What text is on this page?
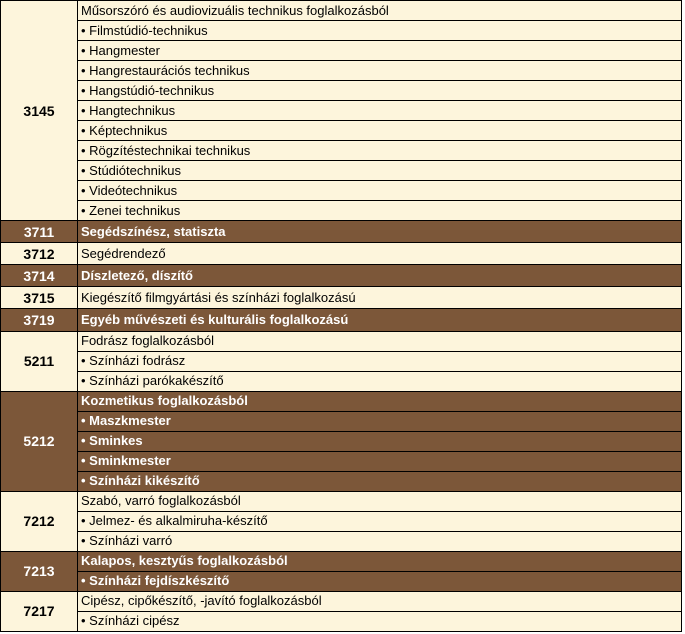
3145	Műsorszóró és audiovizuális technikus foglalkozásból
	• Filmstúdió-technikus
	• Hangmester
	• Hangrestaurációs technikus
	• Hangstúdió-technikus
	• Hangtechnikus
	• Képtechnikus
	• Rögzítéstechnikai technikus
	• Stúdiótechnikus
	• Videótechnikus
	• Zenei technikus
3711	Segédszínész, statiszta
3712	Segédrendező
3714	Díszletező, díszítő
3715	Kiegészítő filmgyártási és színházi foglalkozású
3719	Egyéb művészeti és kulturális foglalkozású
5211	Fodrász foglalkozásból
	• Színházi fodrász
	• Színházi parókakészítő
5212	Kozmetikus foglalkozásból
	• Maszkmester
	• Sminkes
	• Sminkmester
	• Színházi kikészítő
7212	Szabó, varró foglalkozásból
	• Jelmez- és alkalmiruha-készítő
	• Színházi varró
7213	Kalapos, kesztyűs foglalkozásból
	• Színházi fejdíszkészítő
7217	Cipész, cipőkészítő, -javító foglalkozásból
	• Színházi cipész
